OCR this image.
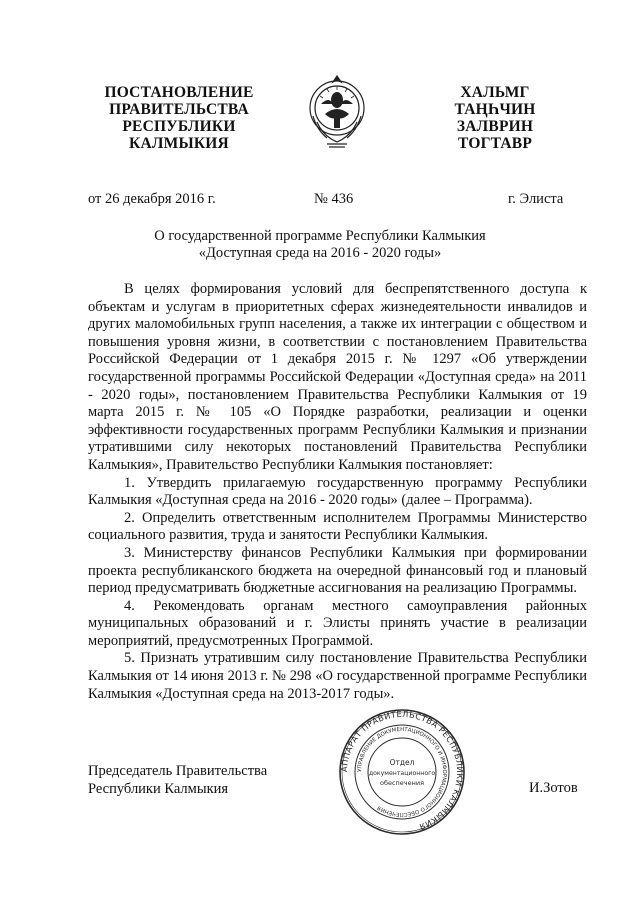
ПОСТАНОВЛЕНИЕ
ПРАВИТЕЛЬСТВА
РЕСПУБЛИКИ
КАЛМЫКИЯ
ХАЛЬМГ
ТАҢҺЧИН
ЗАЛВРИН
ТОГТАВР
от 26 декабря 2016 г.	№ 436	г. Элиста
О государственной программе Республики Калмыкия
«Доступная среда на 2016 - 2020 годы»

В целях формирования условий для беспрепятственного доступа к объектам и услугам в приоритетных сферах жизнедеятельности инвалидов и других маломобильных групп населения, а также их интеграции с обществом и повышения уровня жизни, в соответствии с постановлением Правительства Российской Федерации от 1 декабря 2015 г. № 1297 «Об утверждении государственной программы Российской Федерации «Доступная среда» на 2011 - 2020 годы», постановлением Правительства Республики Калмыкия от 19 марта 2015 г. № 105 «О Порядке разработки, реализации и оценки эффективности государственных программ Республики Калмыкия и признании утратившими силу некоторых постановлений Правительства Республики Калмыкия», Правительство Республики Калмыкия постановляет:

1. Утвердить прилагаемую государственную программу Республики Калмыкия «Доступная среда на 2016 - 2020 годы» (далее – Программа).

2. Определить ответственным исполнителем Программы Министерство социального развития, труда и занятости Республики Калмыкия.

3. Министерству финансов Республики Калмыкия при формировании проекта республиканского бюджета на очередной финансовый год и плановый период предусматривать бюджетные ассигнования на реализацию Программы.

4. Рекомендовать органам местного самоуправления районных муниципальных образований и г. Элисты принять участие в реализации мероприятий, предусмотренных Программой.

5. Признать утратившим силу постановление Правительства Республики Калмыкия от 14 июня 2013 г. № 298 «О государственной программе Республики Калмыкия «Доступная среда на 2013-2017 годы».

АППАРАТ ПРАВИТЕЛЬСТВА РЕСПУБЛИКИ КАЛМЫКИЯ
УПРАВЛЕНИЕ ДОКУМЕНТАЦИОННОГО И ИНФОРМАЦИОННОГО ОБЕСПЕЧЕНИЯ
Отдел
документационного
обеспечения
Председатель Правительства
Республики Калмыкия	И.Зотов
